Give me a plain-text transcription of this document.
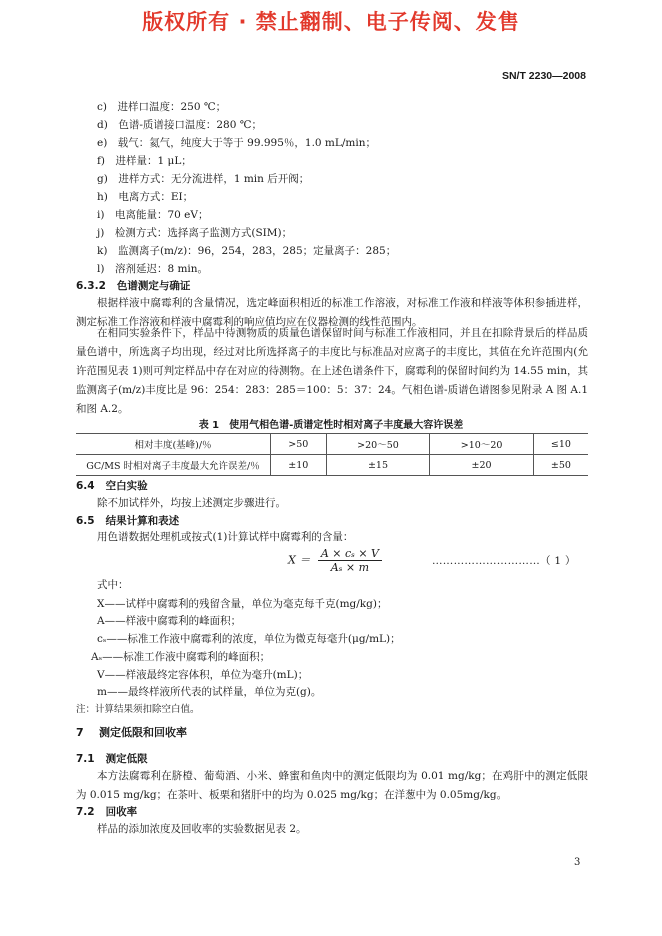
版权所有 · 禁止翻制、电子传阅、发售
SN/T 2230—2008
c)　进样口温度：250 ℃；
d)　色谱-质谱接口温度：280 ℃；
e)　载气：氦气，纯度大于等于 99.995％，1.0 mL/min；
f)　进样量：1 μL；
g)　进样方式：无分流进样，1 min 后开阀；
h)　电离方式：EI；
i)　电离能量：70 eV；
j)　检测方式：选择离子监测方式(SIM)；
k)　监测离子(m/z)：96，254，283，285；定量离子：285；
l)　溶剂延迟：8 min。
6.3.2 色谱测定与确证
根据样液中腐霉利的含量情况，选定峰面积相近的标准工作溶液，对标准工作液和样液等体积参插进样，测定标准工作溶液和样液中腐霉利的响应值均应在仪器检测的线性范围内。
在相同实验条件下，样品中待测物质的质量色谱保留时间与标准工作液相同，并且在扣除背景后的样品质量色谱中，所选离子均出现，经过对比所选择离子的丰度比与标准品对应离子的丰度比，其值在允许范围内(允许范围见表 1)则可判定样品中存在对应的待测物。在上述色谱条件下，腐霉利的保留时间约为 14.55 min，其监测离子(m/z)丰度比是 96：254：283：285＝100：5：37：24。气相色谱-质谱色谱图参见附录 A 图 A.1 和图 A.2。
表 1　使用气相色谱-质谱定性时相对离子丰度最大容许误差
相对丰度(基峰)/％	>50	>20～50	>10～20	≤10
GC/MS 时相对离子丰度最大允许误差/％	±10	±15	±20	±50
6.4 空白实验
除不加试样外，均按上述测定步骤进行。
6.5 结果计算和表述
用色谱数据处理机或按式(1)计算试样中腐霉利的含量：
$X = \frac{\text{A × cₛ × V}}{\text{Aₛ × m}}$	…………………………（ 1 ）
式中：
X——试样中腐霉利的残留含量，单位为毫克每千克(mg/kg)；
A——样液中腐霉利的峰面积；
cₛ——标准工作液中腐霉利的浓度，单位为微克每毫升(μg/mL)；
Aₛ——标准工作液中腐霉利的峰面积；
V——样液最终定容体积，单位为毫升(mL)；
m——最终样液所代表的试样量，单位为克(g)。
注：计算结果须扣除空白值。
7 测定低限和回收率
7.1 测定低限
本方法腐霉利在脐橙、葡萄酒、小米、蜂蜜和鱼肉中的测定低限均为 0.01 mg/kg；在鸡肝中的测定低限为 0.015 mg/kg；在茶叶、板栗和猪肝中的均为 0.025 mg/kg；在洋葱中为 0.05mg/kg。
7.2 回收率
样品的添加浓度及回收率的实验数据见表 2。
3
